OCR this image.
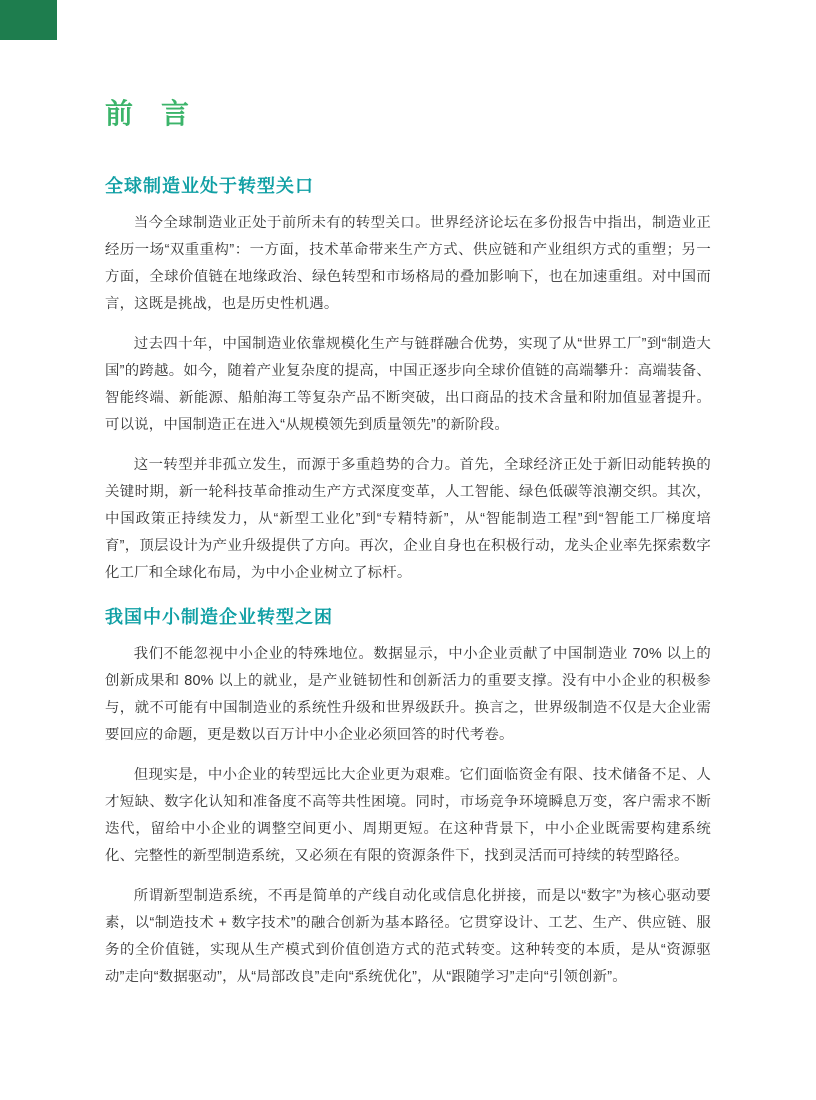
前　言
全球制造业处于转型关口

当今全球制造业正处于前所未有的转型关口。世界经济论坛在多份报告中指出，制造业正经历一场“双重重构”：一方面，技术革命带来生产方式、供应链和产业组织方式的重塑；另一方面，全球价值链在地缘政治、绿色转型和市场格局的叠加影响下，也在加速重组。对中国而言，这既是挑战，也是历史性机遇。

过去四十年，中国制造业依靠规模化生产与链群融合优势，实现了从“世界工厂”到“制造大国”的跨越。如今，随着产业复杂度的提高，中国正逐步向全球价值链的高端攀升：高端装备、智能终端、新能源、船舶海工等复杂产品不断突破，出口商品的技术含量和附加值显著提升。可以说，中国制造正在进入“从规模领先到质量领先”的新阶段。

这一转型并非孤立发生，而源于多重趋势的合力。首先，全球经济正处于新旧动能转换的关键时期，新一轮科技革命推动生产方式深度变革，人工智能、绿色低碳等浪潮交织。其次，中国政策正持续发力，从“新型工业化”到“专精特新”，从“智能制造工程”到“智能工厂梯度培育”，顶层设计为产业升级提供了方向。再次，企业自身也在积极行动，龙头企业率先探索数字化工厂和全球化布局，为中小企业树立了标杆。

我国中小制造企业转型之困

我们不能忽视中小企业的特殊地位。数据显示，中小企业贡献了中国制造业 70% 以上的创新成果和 80% 以上的就业，是产业链韧性和创新活力的重要支撑。没有中小企业的积极参与，就不可能有中国制造业的系统性升级和世界级跃升。换言之，世界级制造不仅是大企业需要回应的命题，更是数以百万计中小企业必须回答的时代考卷。

但现实是，中小企业的转型远比大企业更为艰难。它们面临资金有限、技术储备不足、人才短缺、数字化认知和准备度不高等共性困境。同时，市场竞争环境瞬息万变，客户需求不断迭代，留给中小企业的调整空间更小、周期更短。在这种背景下，中小企业既需要构建系统化、完整性的新型制造系统，又必须在有限的资源条件下，找到灵活而可持续的转型路径。

所谓新型制造系统，不再是简单的产线自动化或信息化拼接，而是以“数字”为核心驱动要素，以“制造技术 + 数字技术”的融合创新为基本路径。它贯穿设计、工艺、生产、供应链、服务的全价值链，实现从生产模式到价值创造方式的范式转变。这种转变的本质，是从“资源驱动”走向“数据驱动”，从“局部改良”走向“系统优化”，从“跟随学习”走向“引领创新”。
